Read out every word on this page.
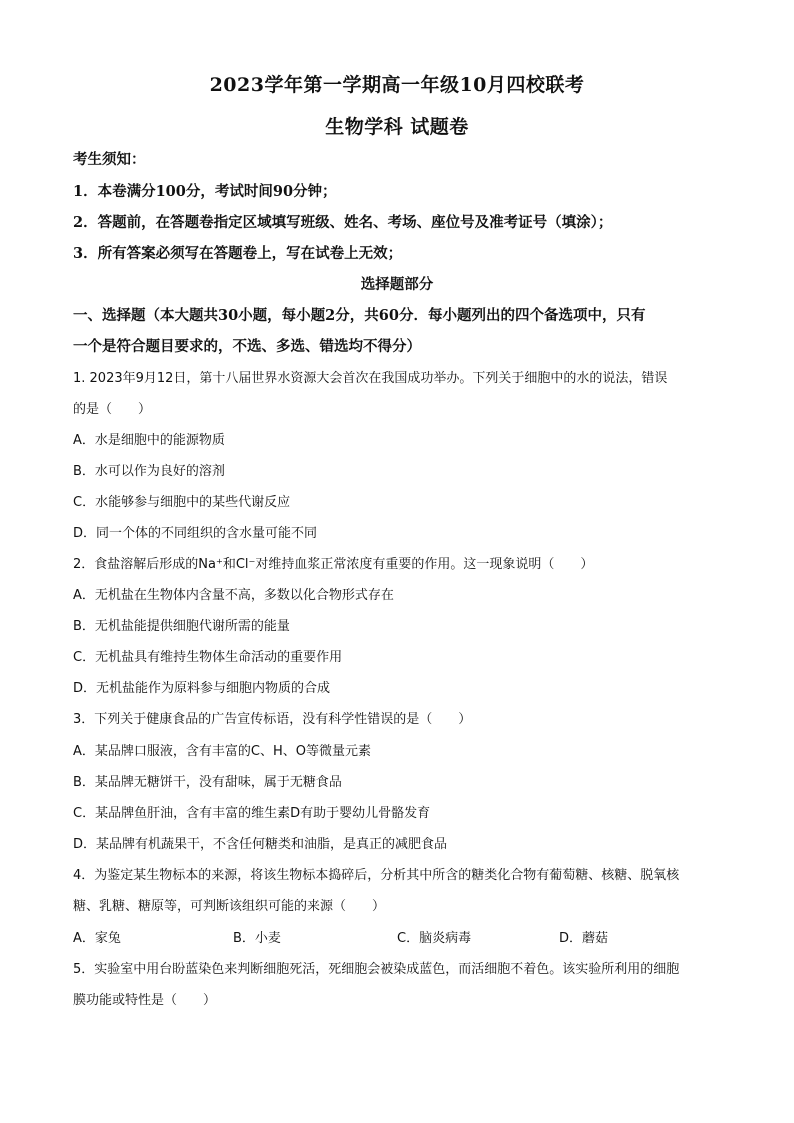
2023学年第一学期高一年级10月四校联考
生物学科 试题卷
考生须知：
1．本卷满分100分，考试时间90分钟；
2．答题前，在答题卷指定区域填写班级、姓名、考场、座位号及准考证号（填涂）；
3．所有答案必须写在答题卷上，写在试卷上无效；
选择题部分
一、选择题（本大题共30小题，每小题2分，共60分．每小题列出的四个备选项中，只有
一个是符合题目要求的，不选、多选、错选均不得分）
1. 2023年9月12日，第十八届世界水资源大会首次在我国成功举办。下列关于细胞中的水的说法，错误
的是（　　）
A．水是细胞中的能源物质
B．水可以作为良好的溶剂
C．水能够参与细胞中的某些代谢反应
D．同一个体的不同组织的含水量可能不同
2．食盐溶解后形成的Na⁺和Cl⁻对维持血浆正常浓度有重要的作用。这一现象说明（　　）
A．无机盐在生物体内含量不高，多数以化合物形式存在
B．无机盐能提供细胞代谢所需的能量
C．无机盐具有维持生物体生命活动的重要作用
D．无机盐能作为原料参与细胞内物质的合成
3．下列关于健康食品的广告宣传标语，没有科学性错误的是（　　）
A．某品牌口服液，含有丰富的C、H、O等微量元素
B．某品牌无糖饼干，没有甜味，属于无糖食品
C．某品牌鱼肝油，含有丰富的维生素D有助于婴幼儿骨骼发育
D．某品牌有机蔬果干，不含任何糖类和油脂，是真正的减肥食品
4．为鉴定某生物标本的来源，将该生物标本捣碎后，分析其中所含的糖类化合物有葡萄糖、核糖、脱氧核
糖、乳糖、糖原等，可判断该组织可能的来源（　　）
A．家兔	B．小麦	C．脑炎病毒	D．蘑菇
5．实验室中用台盼蓝染色来判断细胞死活，死细胞会被染成蓝色，而活细胞不着色。该实验所利用的细胞
膜功能或特性是（　　）
